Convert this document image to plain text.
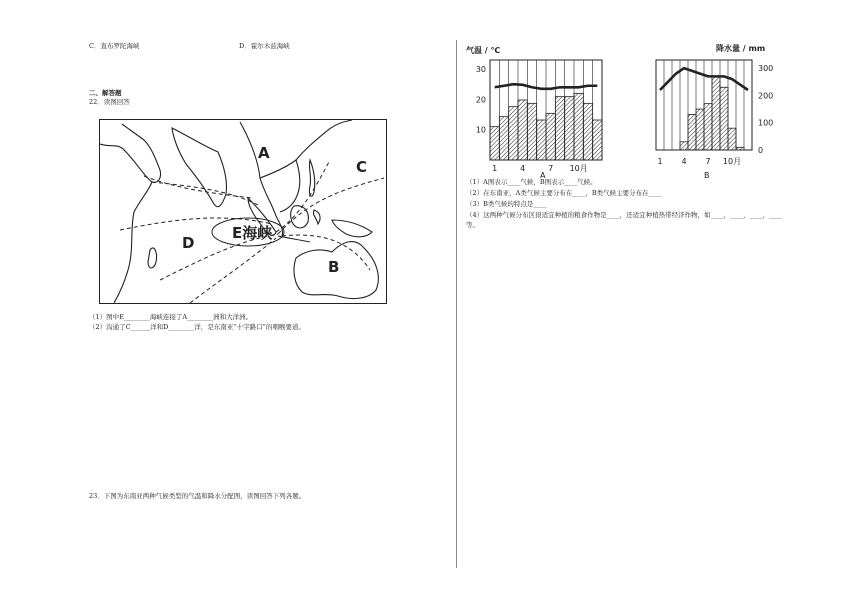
C．直布罗陀海峡	D．霍尔木兹海峡
二、解答题
22．读图回答
A
C
D
B
E海峡
（1）图中E________海峡连接了A________洲和大洋洲。
（2）沟通了C______洋和D________洋，是东南亚“十字路口”的咽喉要道。
23．下图为东南亚两种气候类型的气温和降水分配图，读图回答下列各题。
气温 / ℃
30
20
10
1	4	7 10月
A
降水量 / mm
300
200
100
0
1 4 7 10月
B
（1）A图表示____气候，B图表示____气候。
（2）在东南亚，A类气候主要分布在____，B类气候主要分布在____
（3）B类气候的特点是____
（4）这两种气候分布区很适宜种植的粮食作物是____，还适宜种植热带经济作物，如____，____，____，____
等。
